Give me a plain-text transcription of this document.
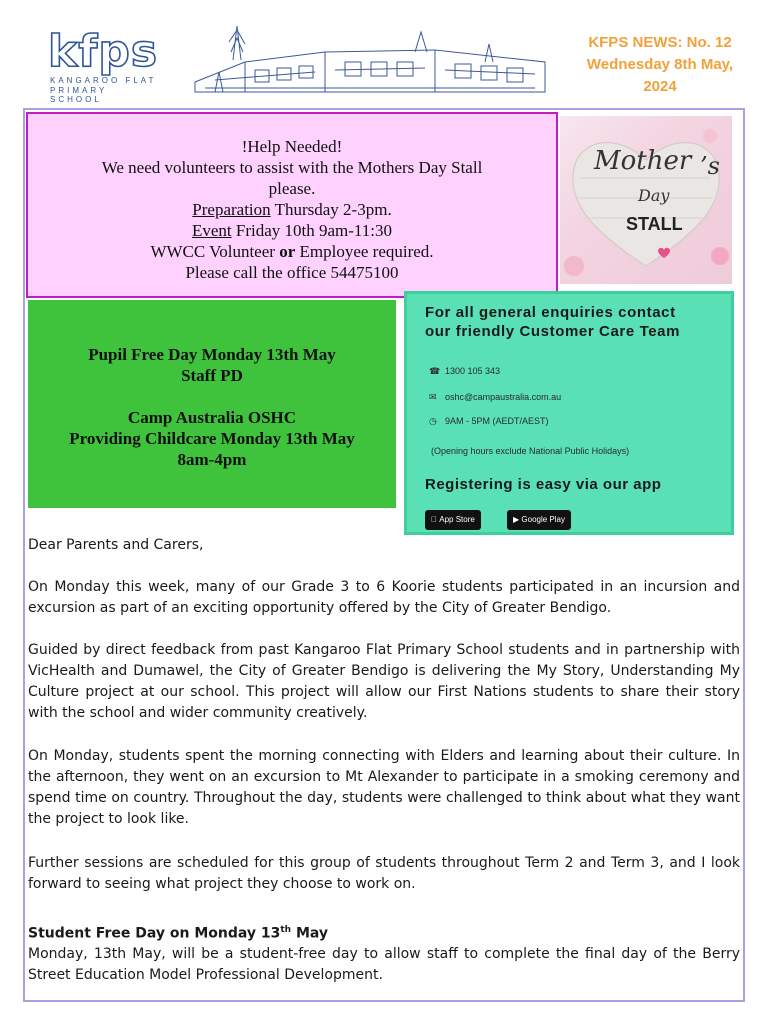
kfps
KANGAROO FLAT
PRIMARY SCHOOL
KFPS NEWS: No. 12
Wednesday 8th May,
2024
!Help Needed!
We need volunteers to assist with the Mothers Day Stall
please.
Preparation Thursday 2-3pm.
Event Friday 10th 9am-11:30
WWCC Volunteer or Employee required.
Please call the office 54475100
Mother ’s
Day
STALL
Pupil Free Day Monday 13th May
Staff PD
Camp Australia OSHC
Providing Childcare Monday 13th May
8am-4pm
For all general enquiries contact
our friendly Customer Care Team
☎ 1300 105 343
✉ oshc@campaustralia.com.au
◷ 9AM - 5PM (AEDT/AEST)
(Opening hours exclude National Public Holidays)
Registering is easy via our app
App Store	▶ Google Play
Dear Parents and Carers,
On Monday this week, many of our Grade 3 to 6 Koorie students participated in an incursion and excursion as part of an exciting opportunity offered by the City of Greater Bendigo.
Guided by direct feedback from past Kangaroo Flat Primary School students and in partnership with VicHealth and Dumawel, the City of Greater Bendigo is delivering the My Story, Understanding My Culture project at our school. This project will allow our First Nations students to share their story with the school and wider community creatively.
On Monday, students spent the morning connecting with Elders and learning about their culture. In the afternoon, they went on an excursion to Mt Alexander to participate in a smoking ceremony and spend time on country. Throughout the day, students were challenged to think about what they want the project to look like.
Further sessions are scheduled for this group of students throughout Term 2 and Term 3, and I look forward to seeing what project they choose to work on.
Student Free Day on Monday 13th May
Monday, 13th May, will be a student-free day to allow staff to complete the final day of the Berry Street Education Model Professional Development.
